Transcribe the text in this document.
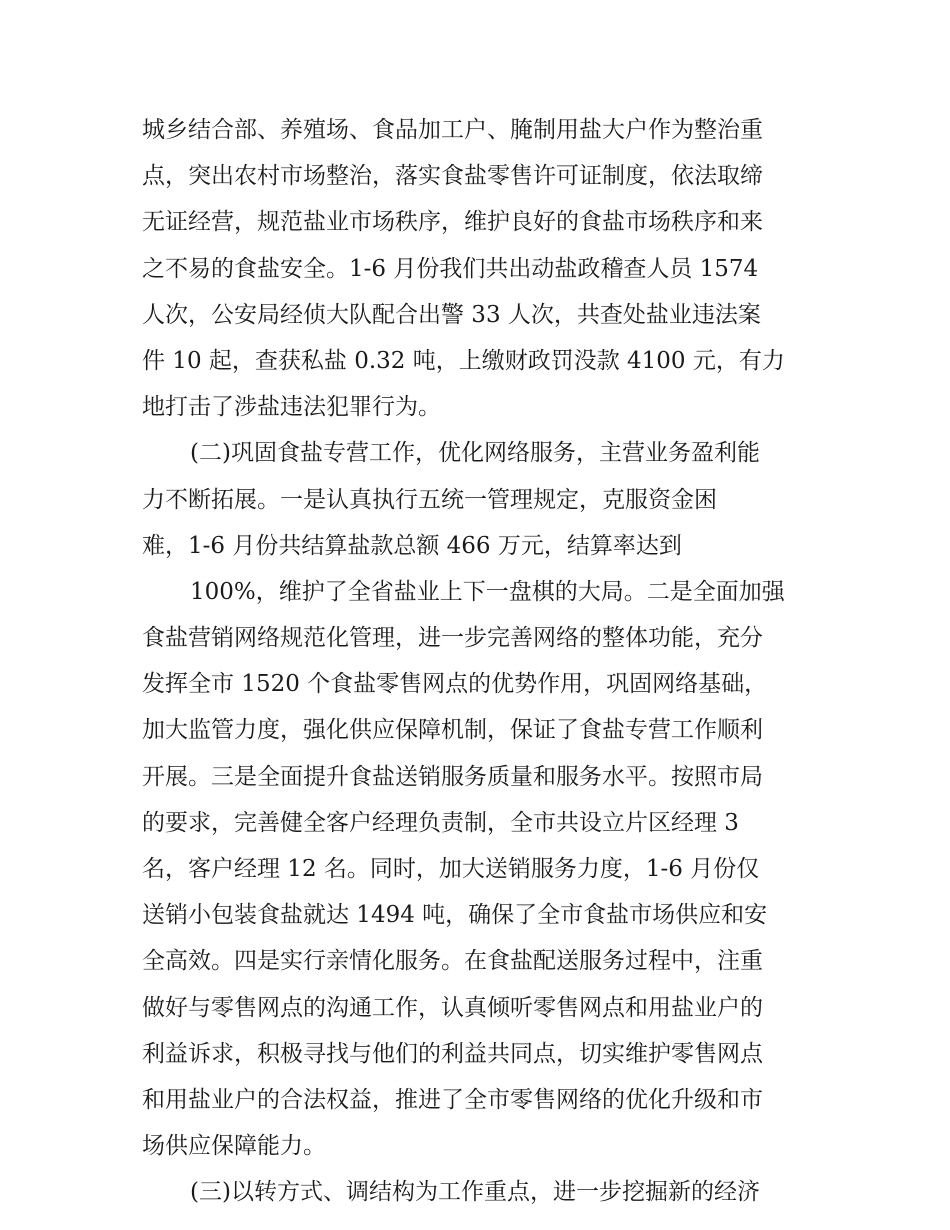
城乡结合部、养殖场、食品加工户、腌制用盐大户作为整治重
点，突出农村市场整治，落实食盐零售许可证制度，依法取缔
无证经营，规范盐业市场秩序，维护良好的食盐市场秩序和来
之不易的食盐安全。1-6 月份我们共出动盐政稽查人员 1574
人次，公安局经侦大队配合出警 33 人次，共查处盐业违法案
件 10 起，查获私盐 0.32 吨，上缴财政罚没款 4100 元，有力
地打击了涉盐违法犯罪行为。
(二)巩固食盐专营工作，优化网络服务，主营业务盈利能
力不断拓展。一是认真执行五统一管理规定，克服资金困
难，1-6 月份共结算盐款总额 466 万元，结算率达到
100%，维护了全省盐业上下一盘棋的大局。二是全面加强
食盐营销网络规范化管理，进一步完善网络的整体功能，充分
发挥全市 1520 个食盐零售网点的优势作用，巩固网络基础，
加大监管力度，强化供应保障机制，保证了食盐专营工作顺利
开展。三是全面提升食盐送销服务质量和服务水平。按照市局
的要求，完善健全客户经理负责制，全市共设立片区经理 3
名，客户经理 12 名。同时，加大送销服务力度，1-6 月份仅
送销小包装食盐就达 1494 吨，确保了全市食盐市场供应和安
全高效。四是实行亲情化服务。在食盐配送服务过程中，注重
做好与零售网点的沟通工作，认真倾听零售网点和用盐业户的
利益诉求，积极寻找与他们的利益共同点，切实维护零售网点
和用盐业户的合法权益，推进了全市零售网络的优化升级和市
场供应保障能力。
(三)以转方式、调结构为工作重点，进一步挖掘新的经济
